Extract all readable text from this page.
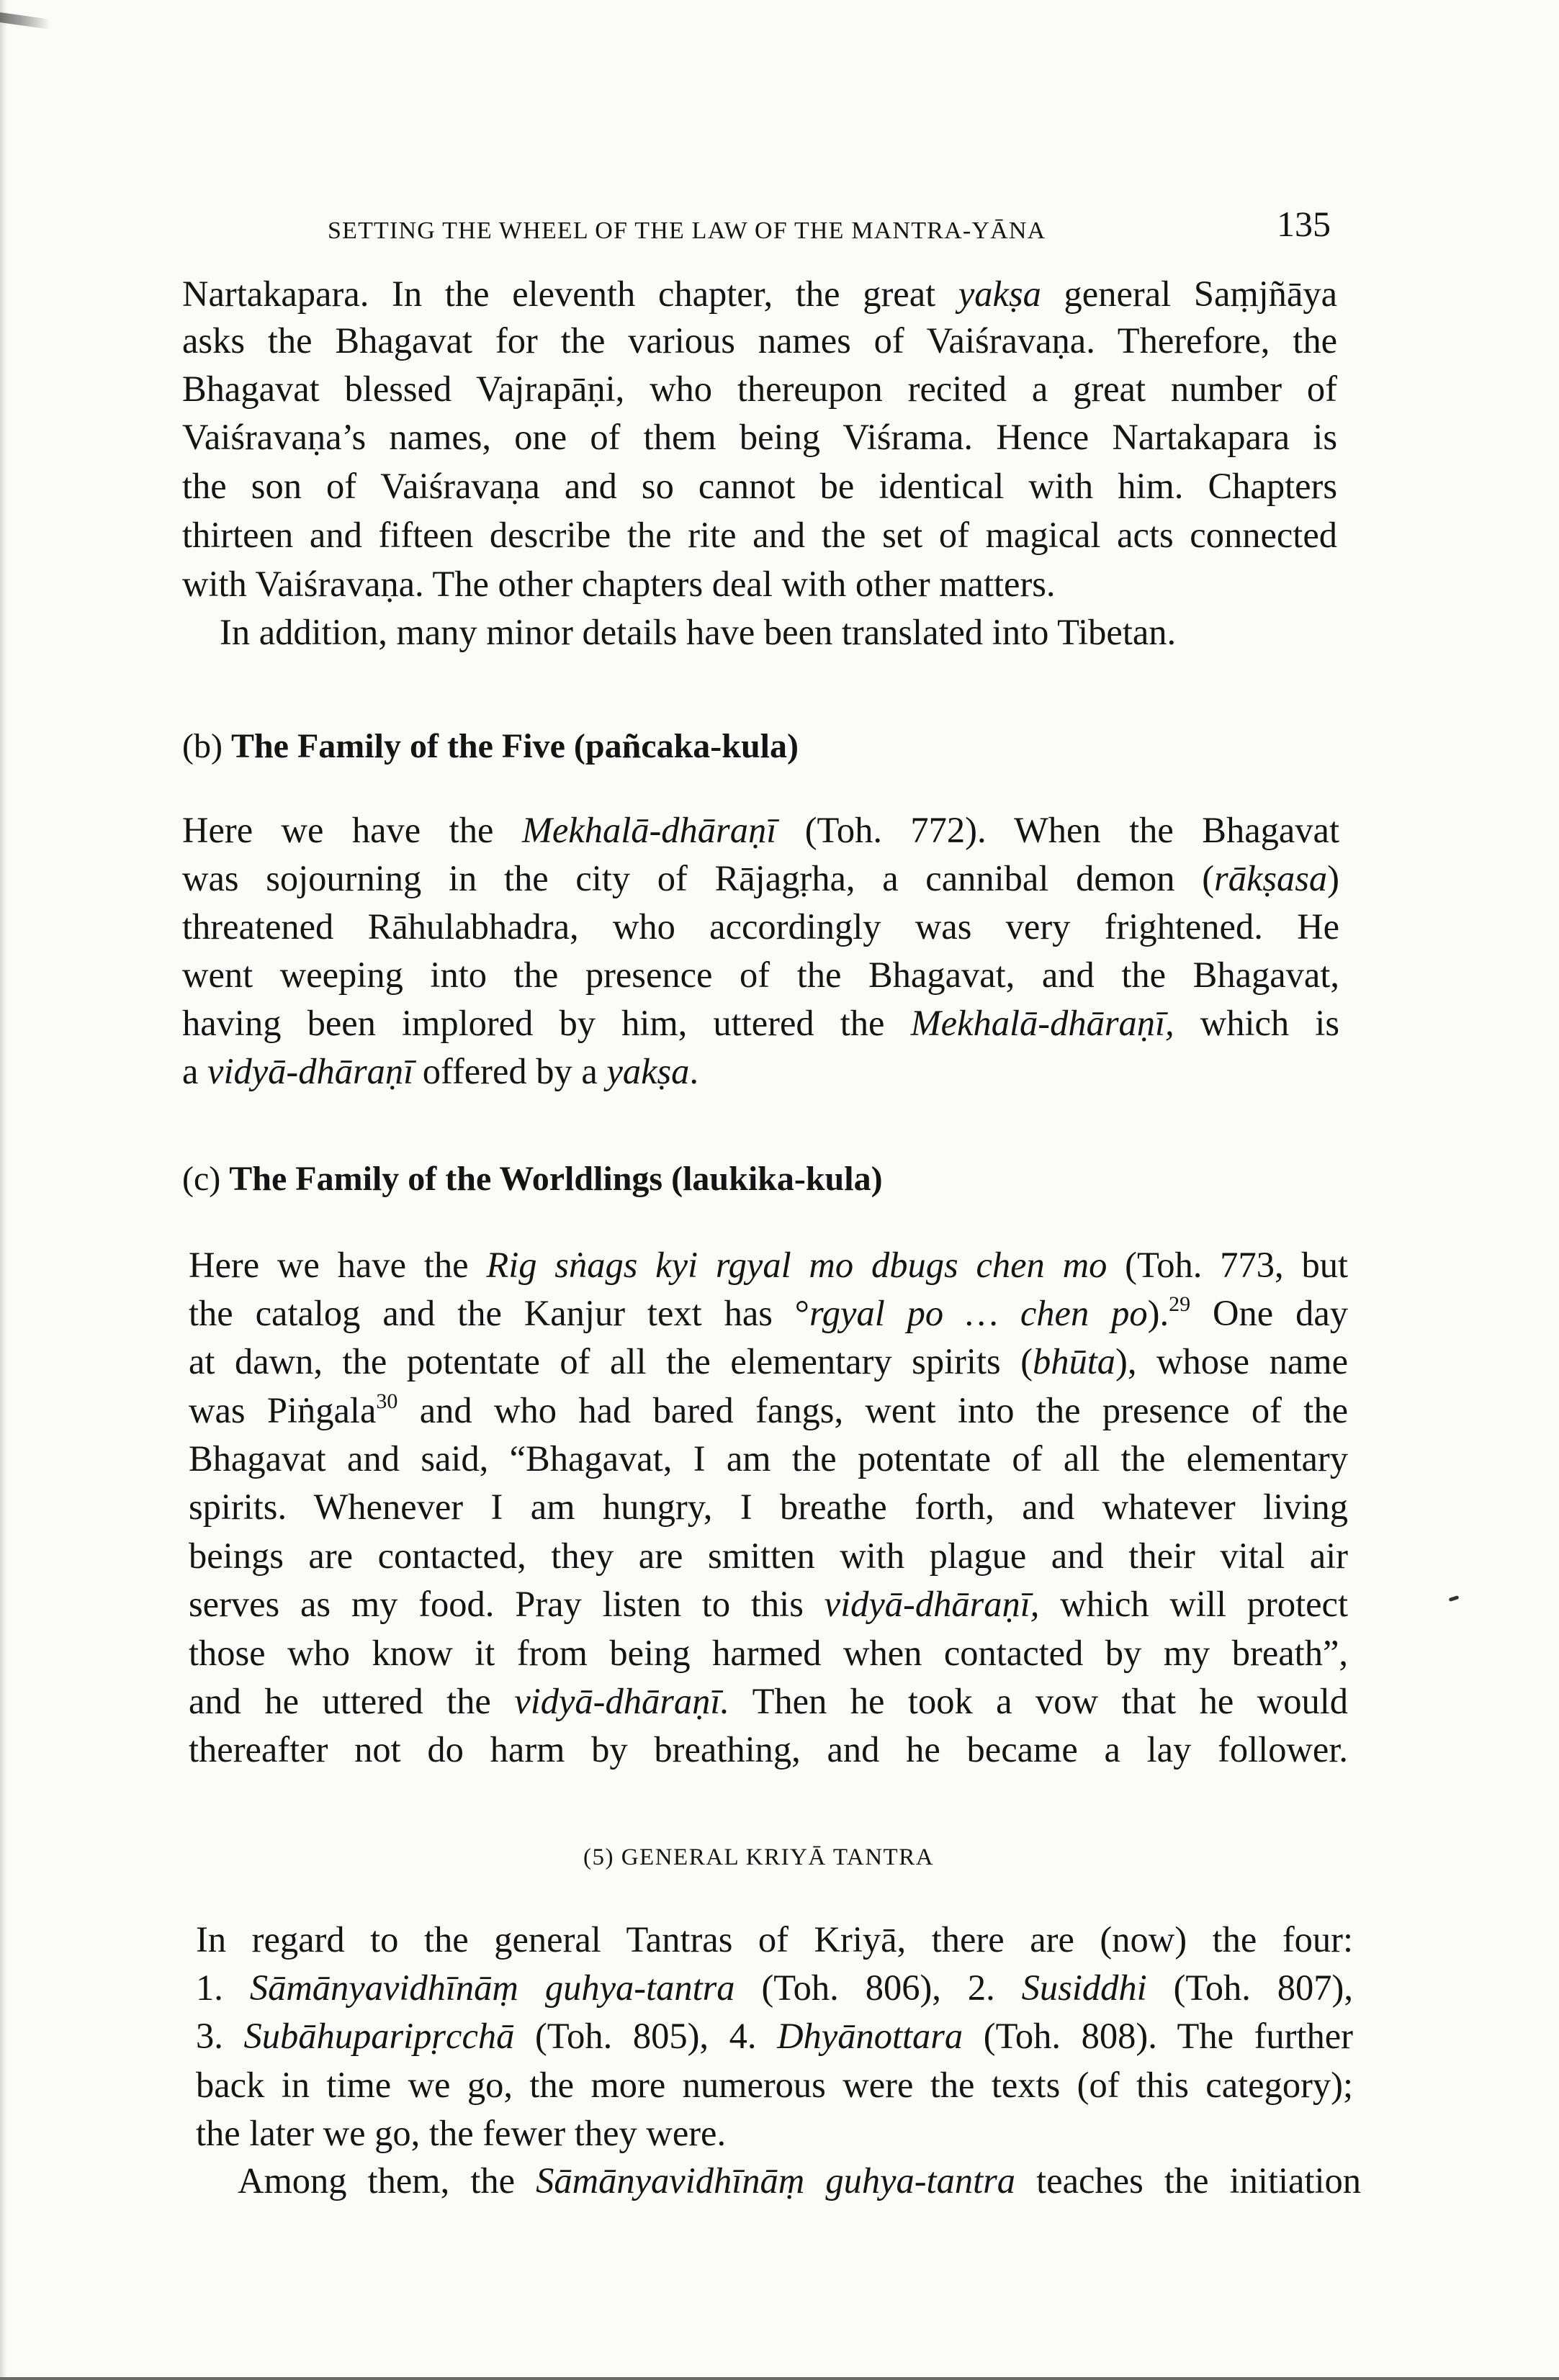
SETTING THE WHEEL OF THE LAW OF THE MANTRA-YĀNA	135
Nartakapara. In the eleventh chapter, the great yakṣa general Saṃjñāya
asks the Bhagavat for the various names of Vaiśravaṇa. Therefore, the
Bhagavat blessed Vajrapāṇi, who thereupon recited a great number of
Vaiśravaṇa’s names, one of them being Viśrama. Hence Nartakapara is
the son of Vaiśravaṇa and so cannot be identical with him. Chapters
thirteen and fifteen describe the rite and the set of magical acts connected
with Vaiśravaṇa. The other chapters deal with other matters.
In addition, many minor details have been translated into Tibetan.
(b) The Family of the Five (pañcaka-kula)
Here we have the Mekhalā-dhāraṇī (Toh. 772). When the Bhagavat
was sojourning in the city of Rājagṛha, a cannibal demon (rākṣasa)
threatened Rāhulabhadra, who accordingly was very frightened. He
went weeping into the presence of the Bhagavat, and the Bhagavat,
having been implored by him, uttered the Mekhalā-dhāraṇī, which is
a vidyā-dhāraṇī offered by a yakṣa.
(c) The Family of the Worldlings (laukika-kula)
Here we have the Rig sṅags kyi rgyal mo dbugs chen mo (Toh. 773, but
the catalog and the Kanjur text has °rgyal po … chen po).$^{29}$ One day
at dawn, the potentate of all the elementary spirits (bhūta), whose name
was Piṅgala$^{30}$ and who had bared fangs, went into the presence of the
Bhagavat and said, “Bhagavat, I am the potentate of all the elementary
spirits. Whenever I am hungry, I breathe forth, and whatever living
beings are contacted, they are smitten with plague and their vital air
serves as my food. Pray listen to this vidyā-dhāraṇī, which will protect
those who know it from being harmed when contacted by my breath”,
and he uttered the vidyā-dhāraṇī. Then he took a vow that he would
thereafter not do harm by breathing, and he became a lay follower.
(5) GENERAL KRIYĀ TANTRA
In regard to the general Tantras of Kriyā, there are (now) the four:
1. Sāmānyavidhīnāṃ guhya-tantra (Toh. 806), 2. Susiddhi (Toh. 807),
3. Subāhuparipṛcchā (Toh. 805), 4. Dhyānottara (Toh. 808). The further
back in time we go, the more numerous were the texts (of this category);
the later we go, the fewer they were.
Among them, the Sāmānyavidhīnāṃ guhya-tantra teaches the initiation
